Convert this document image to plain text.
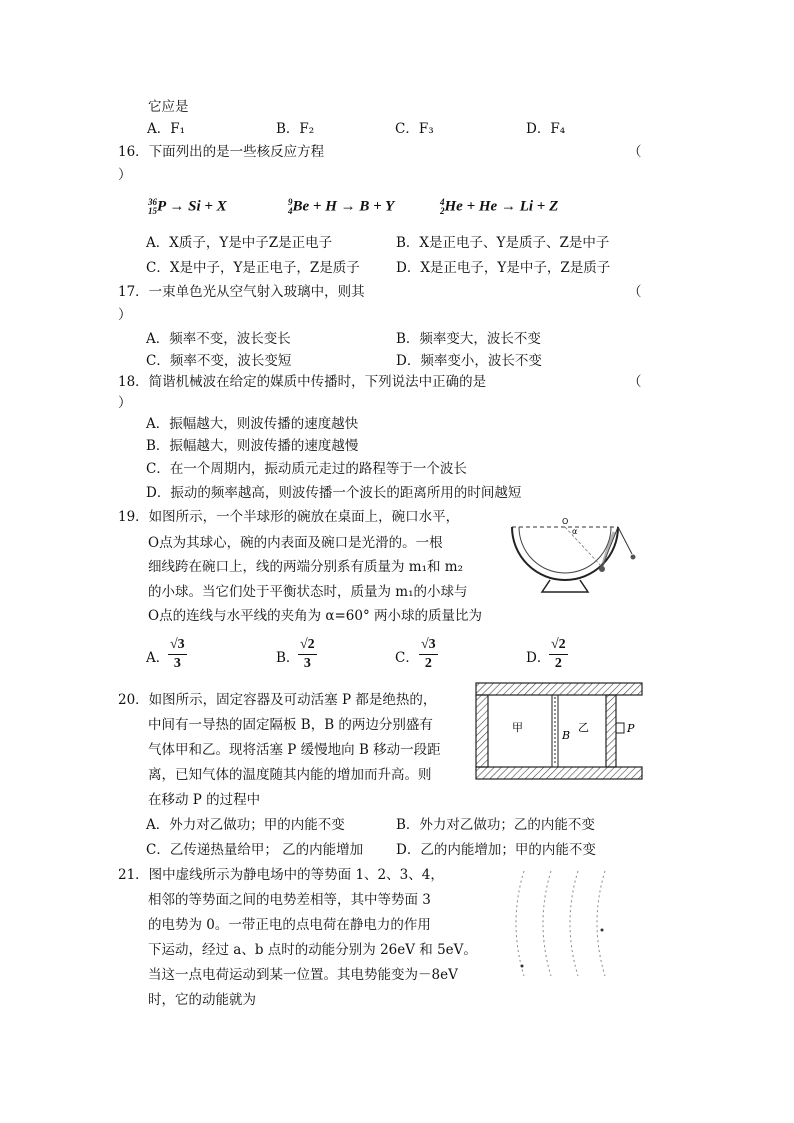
它应是
A．F₁	B．F₂	C．F₃	D．F₄
16．下面列出的是一些核反应方程	（
）
36
15 P → Si + X	9
4 Be + H → B + Y	4
2 He + He → Li + Z
A．X质子，Y是中子Z是正电子	B．X是正电子、Y是质子、Z是中子
C．X是中子，Y是正电子，Z是质子	D．X是正电子，Y是中子，Z是质子
17．一束单色光从空气射入玻璃中，则其	（
）
A．频率不变，波长变长	B．频率变大，波长不变
C．频率不变，波长变短	D．频率变小，波长不变
18．简谐机械波在给定的媒质中传播时，下列说法中正确的是	（
）
A．振幅越大，则波传播的速度越快
B．振幅越大，则波传播的速度越慢
C．在一个周期内，振动质元走过的路程等于一个波长
D．振动的频率越高，则波传播一个波长的距离所用的时间越短
19．如图所示，一个半球形的碗放在桌面上，碗口水平，
O点为其球心，碗的内表面及碗口是光滑的。一根
细线跨在碗口上，线的两端分别系有质量为 m₁和 m₂
的小球。当它们处于平衡状态时，质量为 m₁的小球与
O点的连线与水平线的夹角为 α=60° 两小球的质量比为
A．
$\frac{√3}{3}$	B．
$\frac{√2}{3}$	C． $\frac{√3}{2}$	D．
$\frac{√2}{2}$
O
α
20．如图所示，固定容器及可动活塞 P 都是绝热的，
中间有一导热的固定隔板 B，B 的两边分别盛有
气体甲和乙。现将活塞 P 缓慢地向 B 移动一段距
离，已知气体的温度随其内能的增加而升高。则
在移动 P 的过程中
A．外力对乙做功；甲的内能不变	B．外力对乙做功；乙的内能不变
C．乙传递热量给甲； 乙的内能增加 D．乙的内能增加；甲的内能不变
甲	乙
B
P
21．图中虚线所示为静电场中的等势面 1、2、3、4，
相邻的等势面之间的电势差相等，其中等势面 3
的电势为 0。一带正电的点电荷在静电力的作用
下运动，经过 a、b 点时的动能分别为 26eV 和 5eV。
当这一点电荷运动到某一位置。其电势能变为－8eV
时，它的动能就为
